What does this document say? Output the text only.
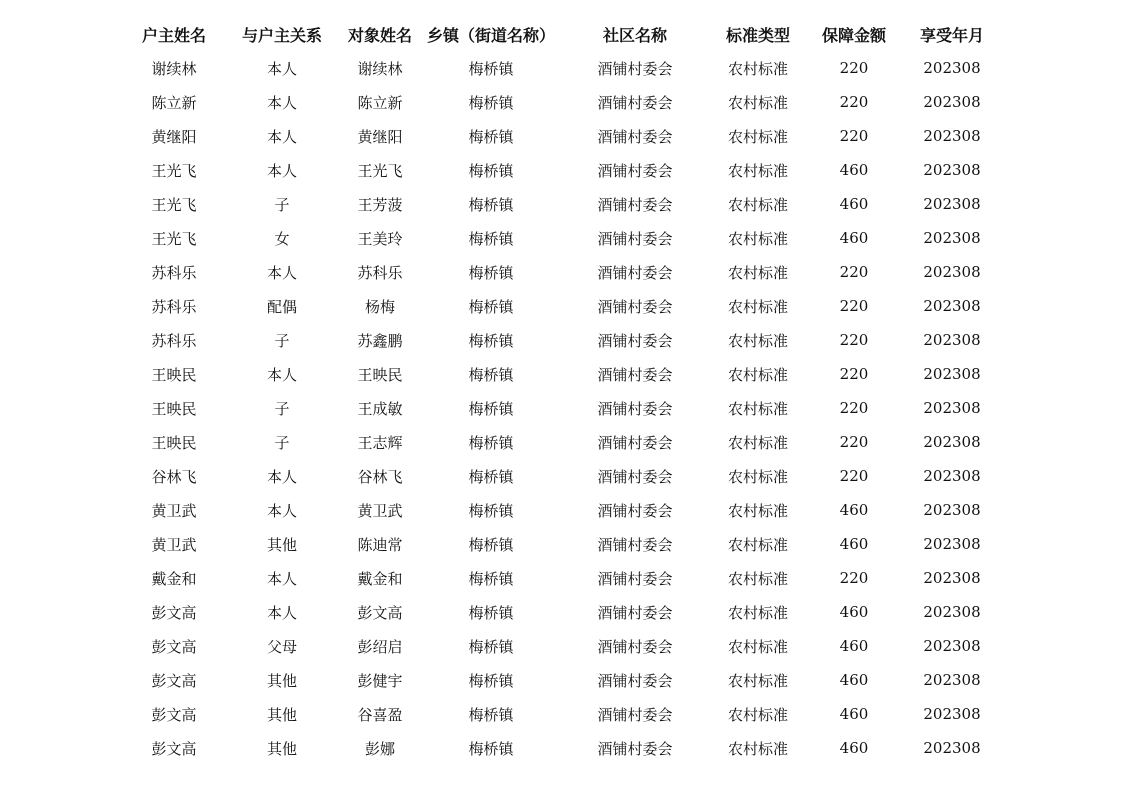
户主姓名	与户主关系	对象姓名	乡镇（街道名称）	社区名称	标准类型	保障金额	享受年月
谢续林	本人	谢续林	梅桥镇	酒铺村委会	农村标准	220	202308
陈立新	本人	陈立新	梅桥镇	酒铺村委会	农村标准	220	202308
黄继阳	本人	黄继阳	梅桥镇	酒铺村委会	农村标准	220	202308
王光飞	本人	王光飞	梅桥镇	酒铺村委会	农村标准	460	202308
王光飞	子	王芳菠	梅桥镇	酒铺村委会	农村标准	460	202308
王光飞	女	王美玲	梅桥镇	酒铺村委会	农村标准	460	202308
苏科乐	本人	苏科乐	梅桥镇	酒铺村委会	农村标准	220	202308
苏科乐	配偶	杨梅	梅桥镇	酒铺村委会	农村标准	220	202308
苏科乐	子	苏鑫鹏	梅桥镇	酒铺村委会	农村标准	220	202308
王映民	本人	王映民	梅桥镇	酒铺村委会	农村标准	220	202308
王映民	子	王成敏	梅桥镇	酒铺村委会	农村标准	220	202308
王映民	子	王志辉	梅桥镇	酒铺村委会	农村标准	220	202308
谷林飞	本人	谷林飞	梅桥镇	酒铺村委会	农村标准	220	202308
黄卫武	本人	黄卫武	梅桥镇	酒铺村委会	农村标准	460	202308
黄卫武	其他	陈迪常	梅桥镇	酒铺村委会	农村标准	460	202308
戴金和	本人	戴金和	梅桥镇	酒铺村委会	农村标准	220	202308
彭文高	本人	彭文高	梅桥镇	酒铺村委会	农村标准	460	202308
彭文高	父母	彭绍启	梅桥镇	酒铺村委会	农村标准	460	202308
彭文高	其他	彭健宇	梅桥镇	酒铺村委会	农村标准	460	202308
彭文高	其他	谷喜盈	梅桥镇	酒铺村委会	农村标准	460	202308
彭文高	其他	彭娜	梅桥镇	酒铺村委会	农村标准	460	202308
